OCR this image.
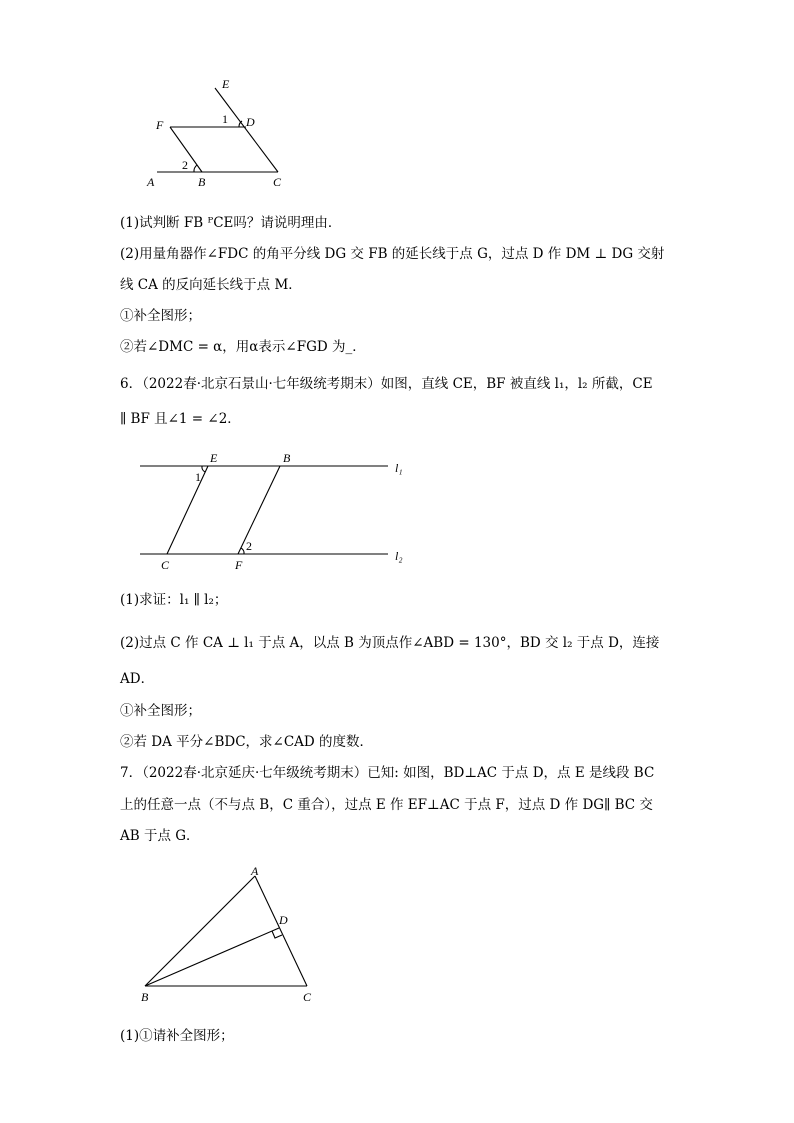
E
F	1 D
2
A	B	C
(1)试判断 FB ᴾCE吗？请说明理由．
(2)用量角器作∠FDC 的角平分线 DG 交 FB 的延长线于点 G，过点 D 作 DM ⊥ DG 交射
线 CA 的反向延长线于点 M．
①补全图形；
②若∠DMC = α，用α表示∠FGD 为_．
6．（2022春·北京石景山·七年级统考期末）如图，直线 CE，BF 被直线 l₁，l₂ 所截，CE
∥ BF 且∠1 = ∠2．
E	B
l₁
1
2
C	F
l₂
(1)求证：l₁ ∥ l₂；
(2)过点 C 作 CA ⊥ l₁ 于点 A，以点 B 为顶点作∠ABD = 130°，BD 交 l₂ 于点 D，连接
AD．
①补全图形；
②若 DA 平分∠BDC，求∠CAD 的度数．
7．（2022春·北京延庆·七年级统考期末）已知: 如图，BD⊥AC 于点 D，点 E 是线段 BC
上的任意一点（不与点 B，C 重合），过点 E 作 EF⊥AC 于点 F，过点 D 作 DG∥ BC 交
AB 于点 G．
A
D
B	C
(1)①请补全图形；
